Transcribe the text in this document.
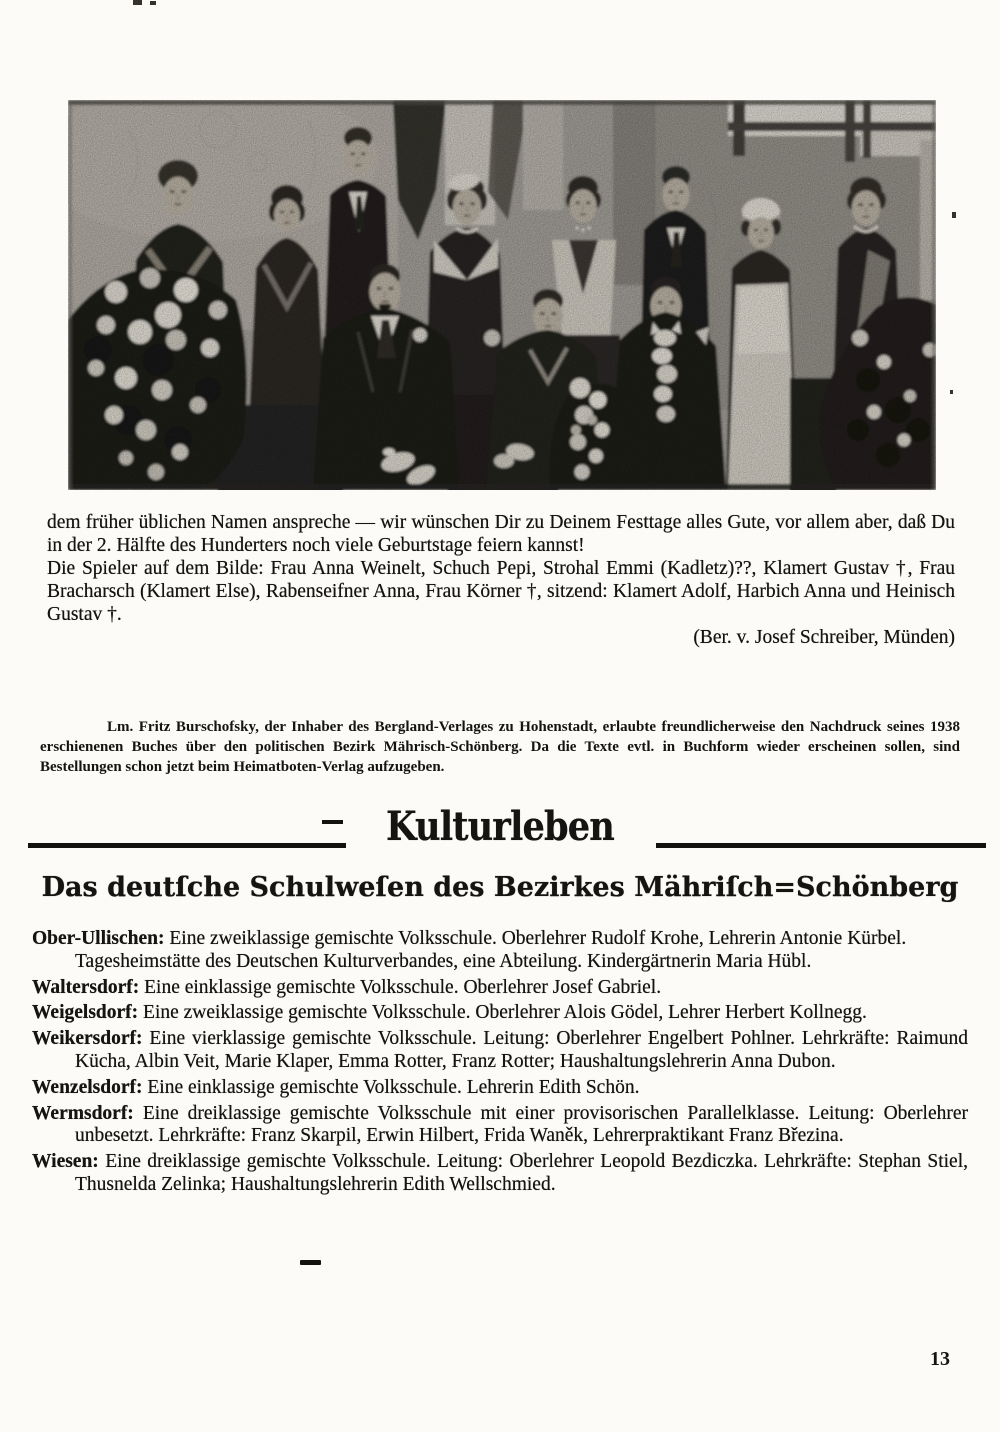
dem früher üblichen Namen anspreche — wir wünschen Dir zu Deinem Festtage alles Gute, vor allem aber, daß Du in der 2. Hälfte des Hunderters noch viele Geburtstage feiern kannst!

Die Spieler auf dem Bilde: Frau Anna Weinelt, Schuch Pepi, Strohal Emmi (Kadletz)??, Klamert Gustav †, Frau Bracharsch (Klamert Else), Rabenseifner Anna, Frau Körner †, sitzend: Klamert Adolf, Harbich Anna und Heinisch Gustav †.

(Ber. v. Josef Schreiber, Münden)

Lm. Fritz Burschofsky, der Inhaber des Bergland-Verlages zu Hohenstadt, erlaubte freundlicherweise den Nachdruck seines 1938 erschienenen Buches über den politischen Bezirk Mährisch-Schönberg. Da die Texte evtl. in Buchform wieder erscheinen sollen, sind Bestellungen schon jetzt beim Heimatboten-Verlag aufzugeben.

Kulturleben
Das deutſche Schulweſen des Bezirkes Mähriſch=Schönberg

Ober-Ullischen: Eine zweiklassige gemischte Volksschule. Oberlehrer Rudolf Krohe, Lehrerin Antonie Kürbel.

Tagesheimstätte des Deutschen Kulturverbandes, eine Abteilung. Kindergärtnerin Maria Hübl.

Waltersdorf: Eine einklassige gemischte Volksschule. Oberlehrer Josef Gabriel.

Weigelsdorf: Eine zweiklassige gemischte Volksschule. Oberlehrer Alois Gödel, Lehrer Herbert Kollnegg.

Weikersdorf: Eine vierklassige gemischte Volksschule. Leitung: Oberlehrer Engelbert Pohlner. Lehrkräfte: Raimund Kücha, Albin Veit, Marie Klaper, Emma Rotter, Franz Rotter; Haushaltungslehrerin Anna Dubon.

Wenzelsdorf: Eine einklassige gemischte Volksschule. Lehrerin Edith Schön.

Wermsdorf: Eine dreiklassige gemischte Volksschule mit einer provisorischen Parallelklasse. Leitung: Oberlehrer unbesetzt. Lehrkräfte: Franz Skarpil, Erwin Hilbert, Frida Waněk, Lehrerpraktikant Franz Březina.

Wiesen: Eine dreiklassige gemischte Volksschule. Leitung: Oberlehrer Leopold Bezdiczka. Lehrkräfte: Stephan Stiel, Thusnelda Zelinka; Haushaltungslehrerin Edith Wellschmied.

13
